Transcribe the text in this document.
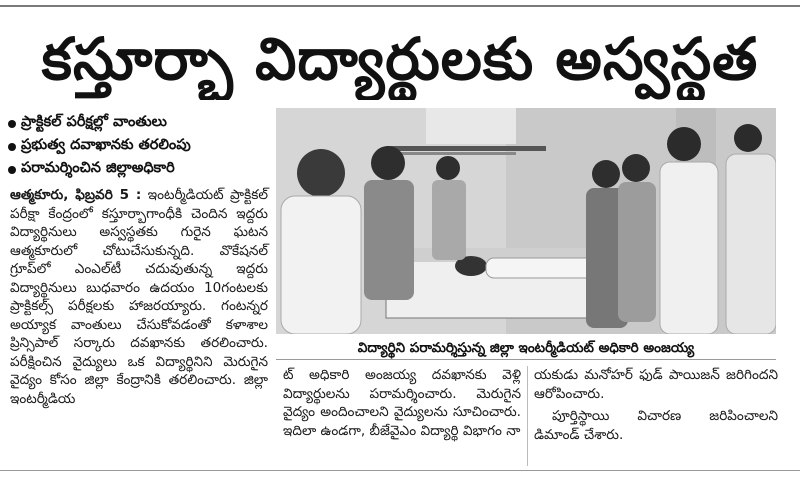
కస్తూర్బా విద్యార్థులకు అస్వస్థత
ప్రాక్టికల్ పరీక్షల్లో వాంతులు
ప్రభుత్వ దవాఖానకు తరలింపు
పరామర్శించిన జిల్లాఅధికారి

ఆత్మకూరు, ఫిబ్రవరి 5 : ఇంటర్మీడియట్ ప్రాక్టికల్ పరీక్షా కేంద్రంలో కస్తూర్బాగాంధీకి చెందిన ఇద్దరు విద్యార్థినులు అస్వస్థతకు గురైన ఘటన ఆత్మకూరులో చోటుచేసుకున్నది. వొకేషనల్ గ్రూప్‌లో ఎంఎల్‌టీ చదువుతున్న ఇద్దరు విద్యార్థినులు బుధవారం ఉదయం 10గంటలకు ప్రాక్టికల్స్ పరీక్షలకు హాజరయ్యారు. గంటన్నర అయ్యాక వాంతులు చేసుకోవడంతో కళాశాల ప్రిన్సిపాల్ సర్కారు దవఖానకు తరలించారు. పరీక్షించిన వైద్యులు ఒక విద్యార్థినిని మెరుగైన వైద్యం కోసం జిల్లా కేంద్రానికి తరలించారు. జిల్లా ఇంటర్మీడియ

విద్యార్థిని పరామర్శిస్తున్న జిల్లా ఇంటర్మీడియట్ అధికారి అంజయ్య

ట్ అధికారి అంజయ్య దవఖానకు వెళ్లి విద్యార్థులను పరామర్శించారు. మెరుగైన వైద్యం అందించాలని వైద్యులను సూచించారు. ఇదిలా ఉండగా, బీజేవైఎం విద్యార్థి విభాగం నా

యకుడు మనోహర్ ఫుడ్ పాయిజన్ జరిగిందని ఆరోపించారు.

పూర్తిస్థాయి విచారణ జరిపించాలని డిమాండ్ చేశారు.
